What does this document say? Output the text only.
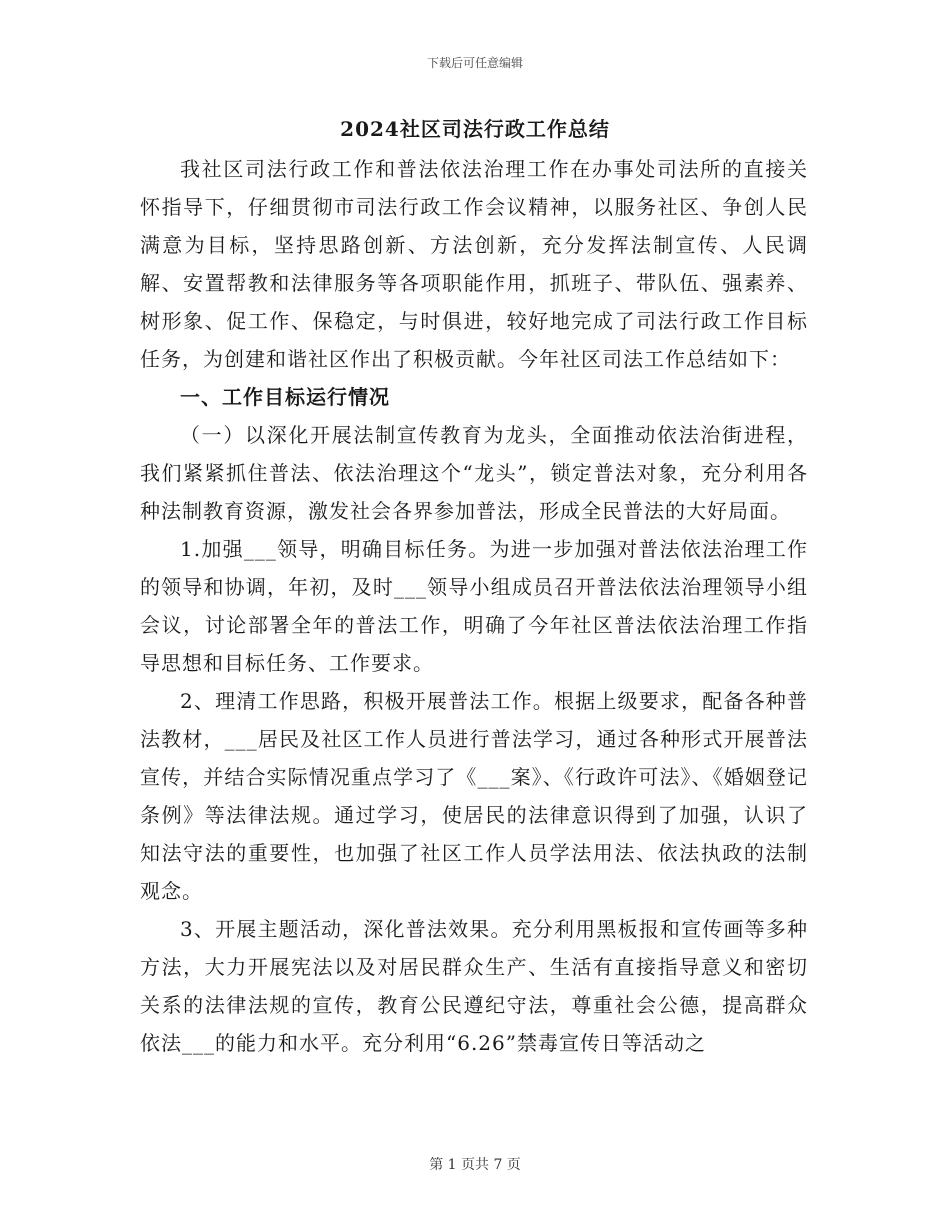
下载后可任意编辑
2024社区司法行政工作总结

我社区司法行政工作和普法依法治理工作在办事处司法所的直接关怀指导下，仔细贯彻市司法行政工作会议精神，以服务社区、争创人民满意为目标，坚持思路创新、方法创新，充分发挥法制宣传、人民调解、安置帮教和法律服务等各项职能作用，抓班子、带队伍、强素养、树形象、促工作、保稳定，与时俱进，较好地完成了司法行政工作目标任务，为创建和谐社区作出了积极贡献。今年社区司法工作总结如下：

一、工作目标运行情况

（一）以深化开展法制宣传教育为龙头，全面推动依法治街进程，我们紧紧抓住普法、依法治理这个“龙头”，锁定普法对象，充分利用各种法制教育资源，激发社会各界参加普法，形成全民普法的大好局面。

1.加强___领导，明确目标任务。为进一步加强对普法依法治理工作的领导和协调，年初，及时___领导小组成员召开普法依法治理领导小组会议，讨论部署全年的普法工作，明确了今年社区普法依法治理工作指导思想和目标任务、工作要求。

2、理清工作思路，积极开展普法工作。根据上级要求，配备各种普法教材，___居民及社区工作人员进行普法学习，通过各种形式开展普法宣传，并结合实际情况重点学习了《___案》、《行政许可法》、《婚姻登记条例》等法律法规。通过学习，使居民的法律意识得到了加强，认识了知法守法的重要性，也加强了社区工作人员学法用法、依法执政的法制观念。

3、开展主题活动，深化普法效果。充分利用黑板报和宣传画等多种方法，大力开展宪法以及对居民群众生产、生活有直接指导意义和密切关系的法律法规的宣传，教育公民遵纪守法，尊重社会公德，提高群众依法___的能力和水平。充分利用“6.26”禁毒宣传日等活动之

第 1 页共 7 页
